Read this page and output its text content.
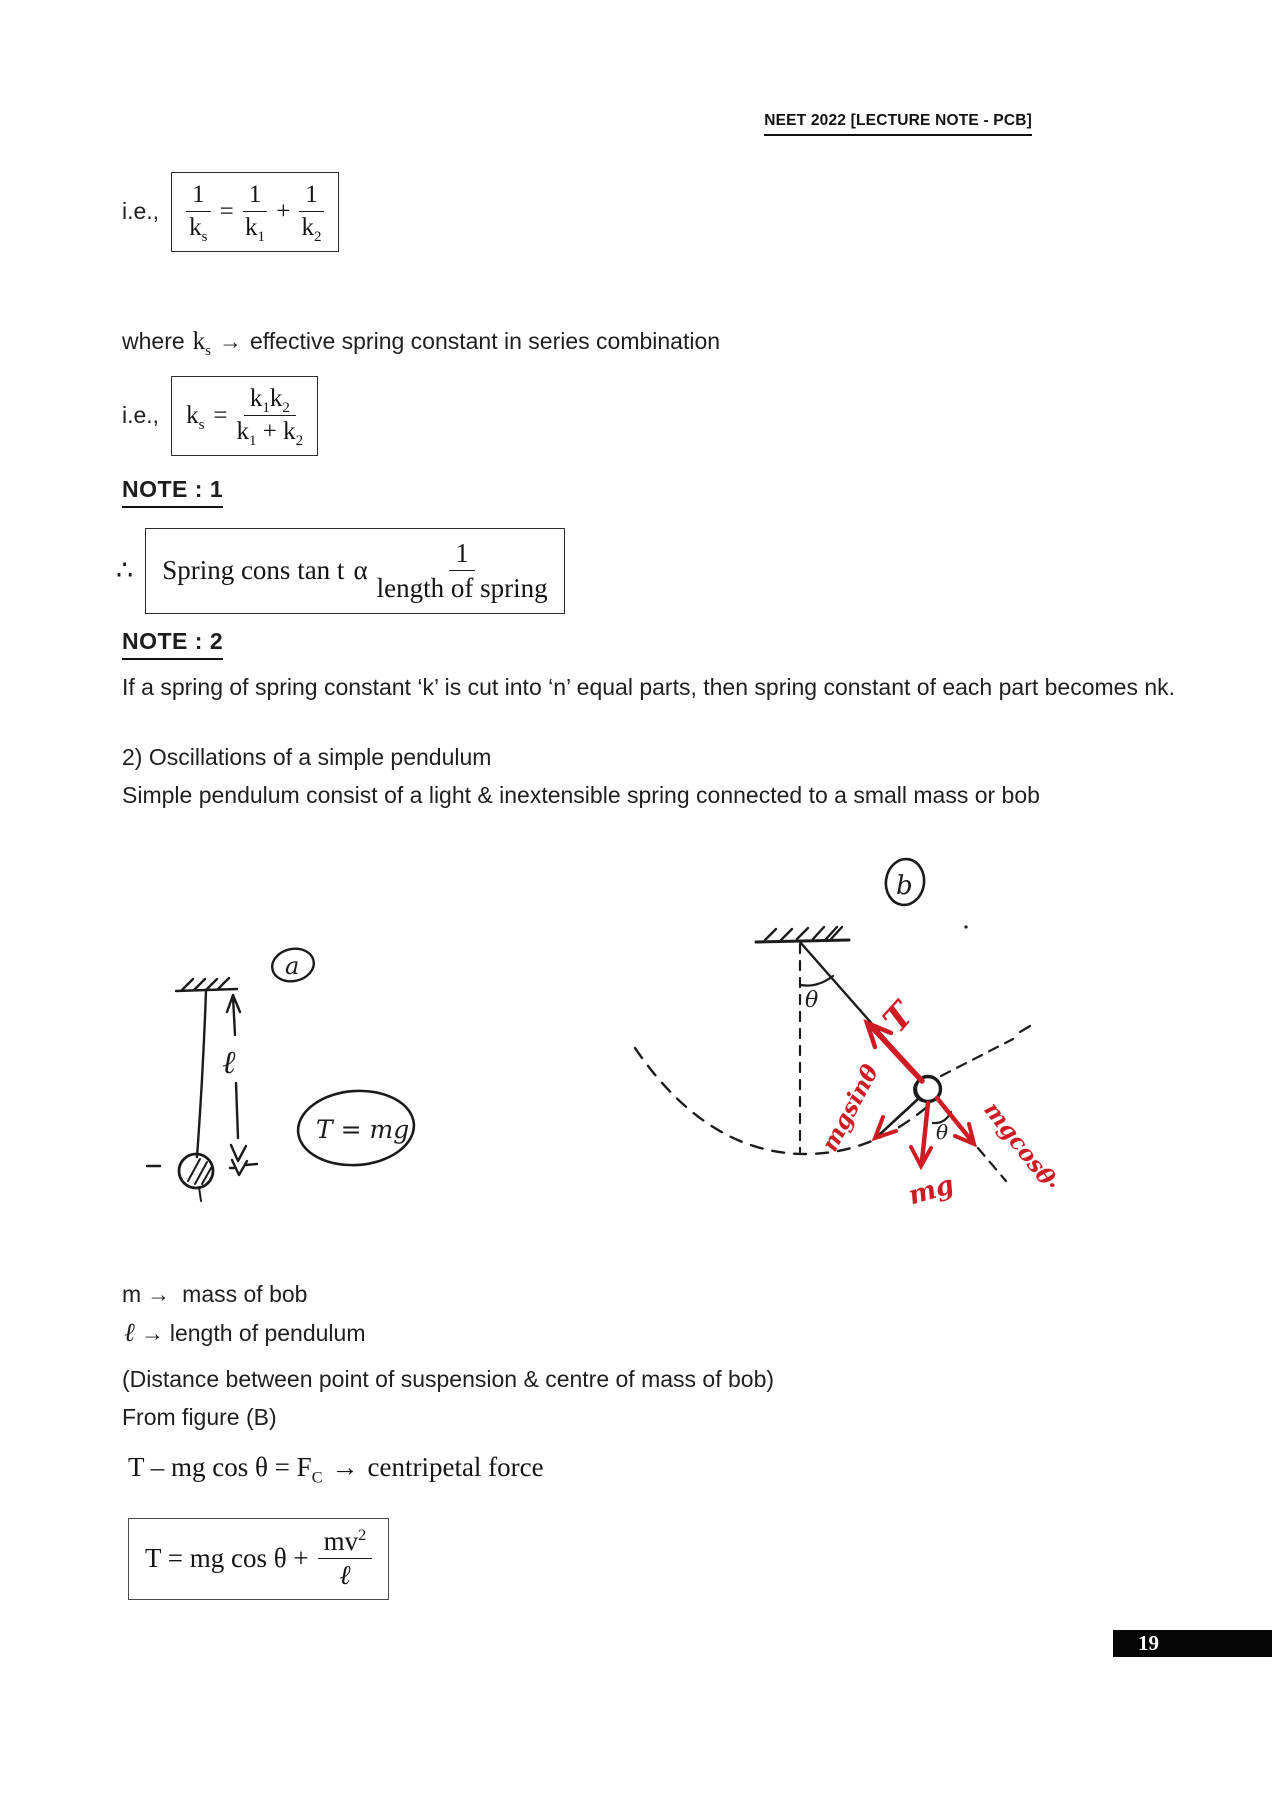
NEET 2022 [LECTURE NOTE - PCB]
i.e., $\frac{1}{k_s} = \frac{1}{k_1} + \frac{1}{k_2}$
where $k_s$ → effective spring constant in series combination
i.e., $k_s = \frac{k_1k_2}{k_1 + k_2}$
NOTE : 1
∴ Spring cons tan t α $\frac{1}{\text{length of spring}}$
NOTE : 2
If a spring of spring constant ‘k’ is cut into ‘n’ equal parts, then spring constant of each part becomes nk.
2) Oscillations of a simple pendulum
Simple pendulum consist of a light & inextensible spring connected to a small mass or bob
ℓ
a
T = mg
b
θ
θ
T
mgsinθ
mg mgcosθ·
m → mass of bob
ℓ → length of pendulum
(Distance between point of suspension & centre of mass of bob)
From figure (B)
T – mg $\cos \theta = F_C$ → centripetal force
T = mg $\cos \theta + \frac{mv^2}{\text{ℓ}}$
19
